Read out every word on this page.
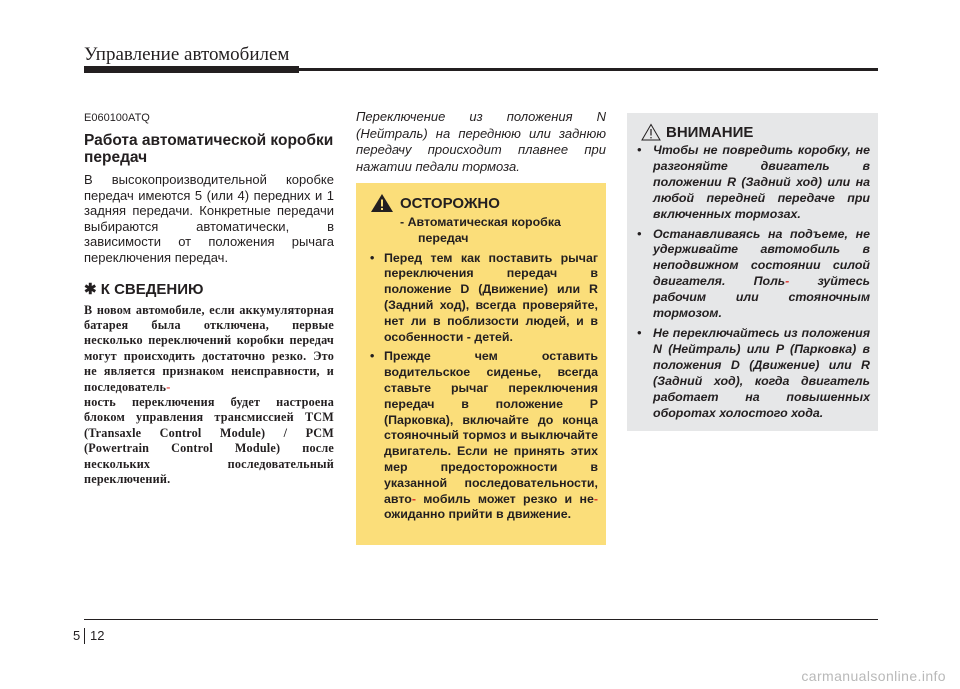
Управление автомобилем
E060100ATQ
Работа автоматической коробки передач
В высокопроизводительной коробке передач имеются 5 (или 4) передних и 1 задняя передачи. Конкретные передачи выбираются автоматически, в зависимости от положения рычага переключения передач.
✱ К СВЕДЕНИЮ
В новом автомобиле, если аккумуляторная батарея была отключена, первые несколько переключений коробки передач могут происходить достаточно резко. Это не является признаком неисправности, и последователь-
ность переключения будет настроена блоком управления трансмиссией TCM (Transaxle Control Module) / PCM (Powertrain Control Module) после нескольких последовательный переключений.
Переключение из положения N (Нейтраль) на переднюю или заднюю передачу происходит плавнее при нажатии педали тормоза.
ОСТОРОЖНО
- Автоматическая коробка
передач
• Перед тем как поставить рычаг переключения передач в положение D (Движение) или R (Задний ход), всегда проверяйте, нет ли в поблизости людей, и в особенности - детей.
• Прежде чем оставить водительское сиденье, всегда ставьте рычаг переключения передач в положение P (Парковка), включайте до конца стояночный тормоз и выключайте двигатель. Если не принять этих мер предосторожности в указанной последовательности, авто- мобиль может резко и не- ожиданно прийти в движение.
ВНИМАНИЕ
• Чтобы не повредить коробку, не разгоняйте двигатель в положении R (Задний ход) или на любой передней передаче при включенных тормозах.
• Останавливаясь на подъеме, не удерживайте автомобиль в неподвижном состоянии силой двигателя. Поль- зуйтесь рабочим или стояночным тормозом.
• Не переключайтесь из положения N (Нейтраль) или P (Парковка) в положения D (Движение) или R (Задний ход), когда двигатель работает на повышенных оборотах холостого хода.
5 12
carmanualsonline.info
